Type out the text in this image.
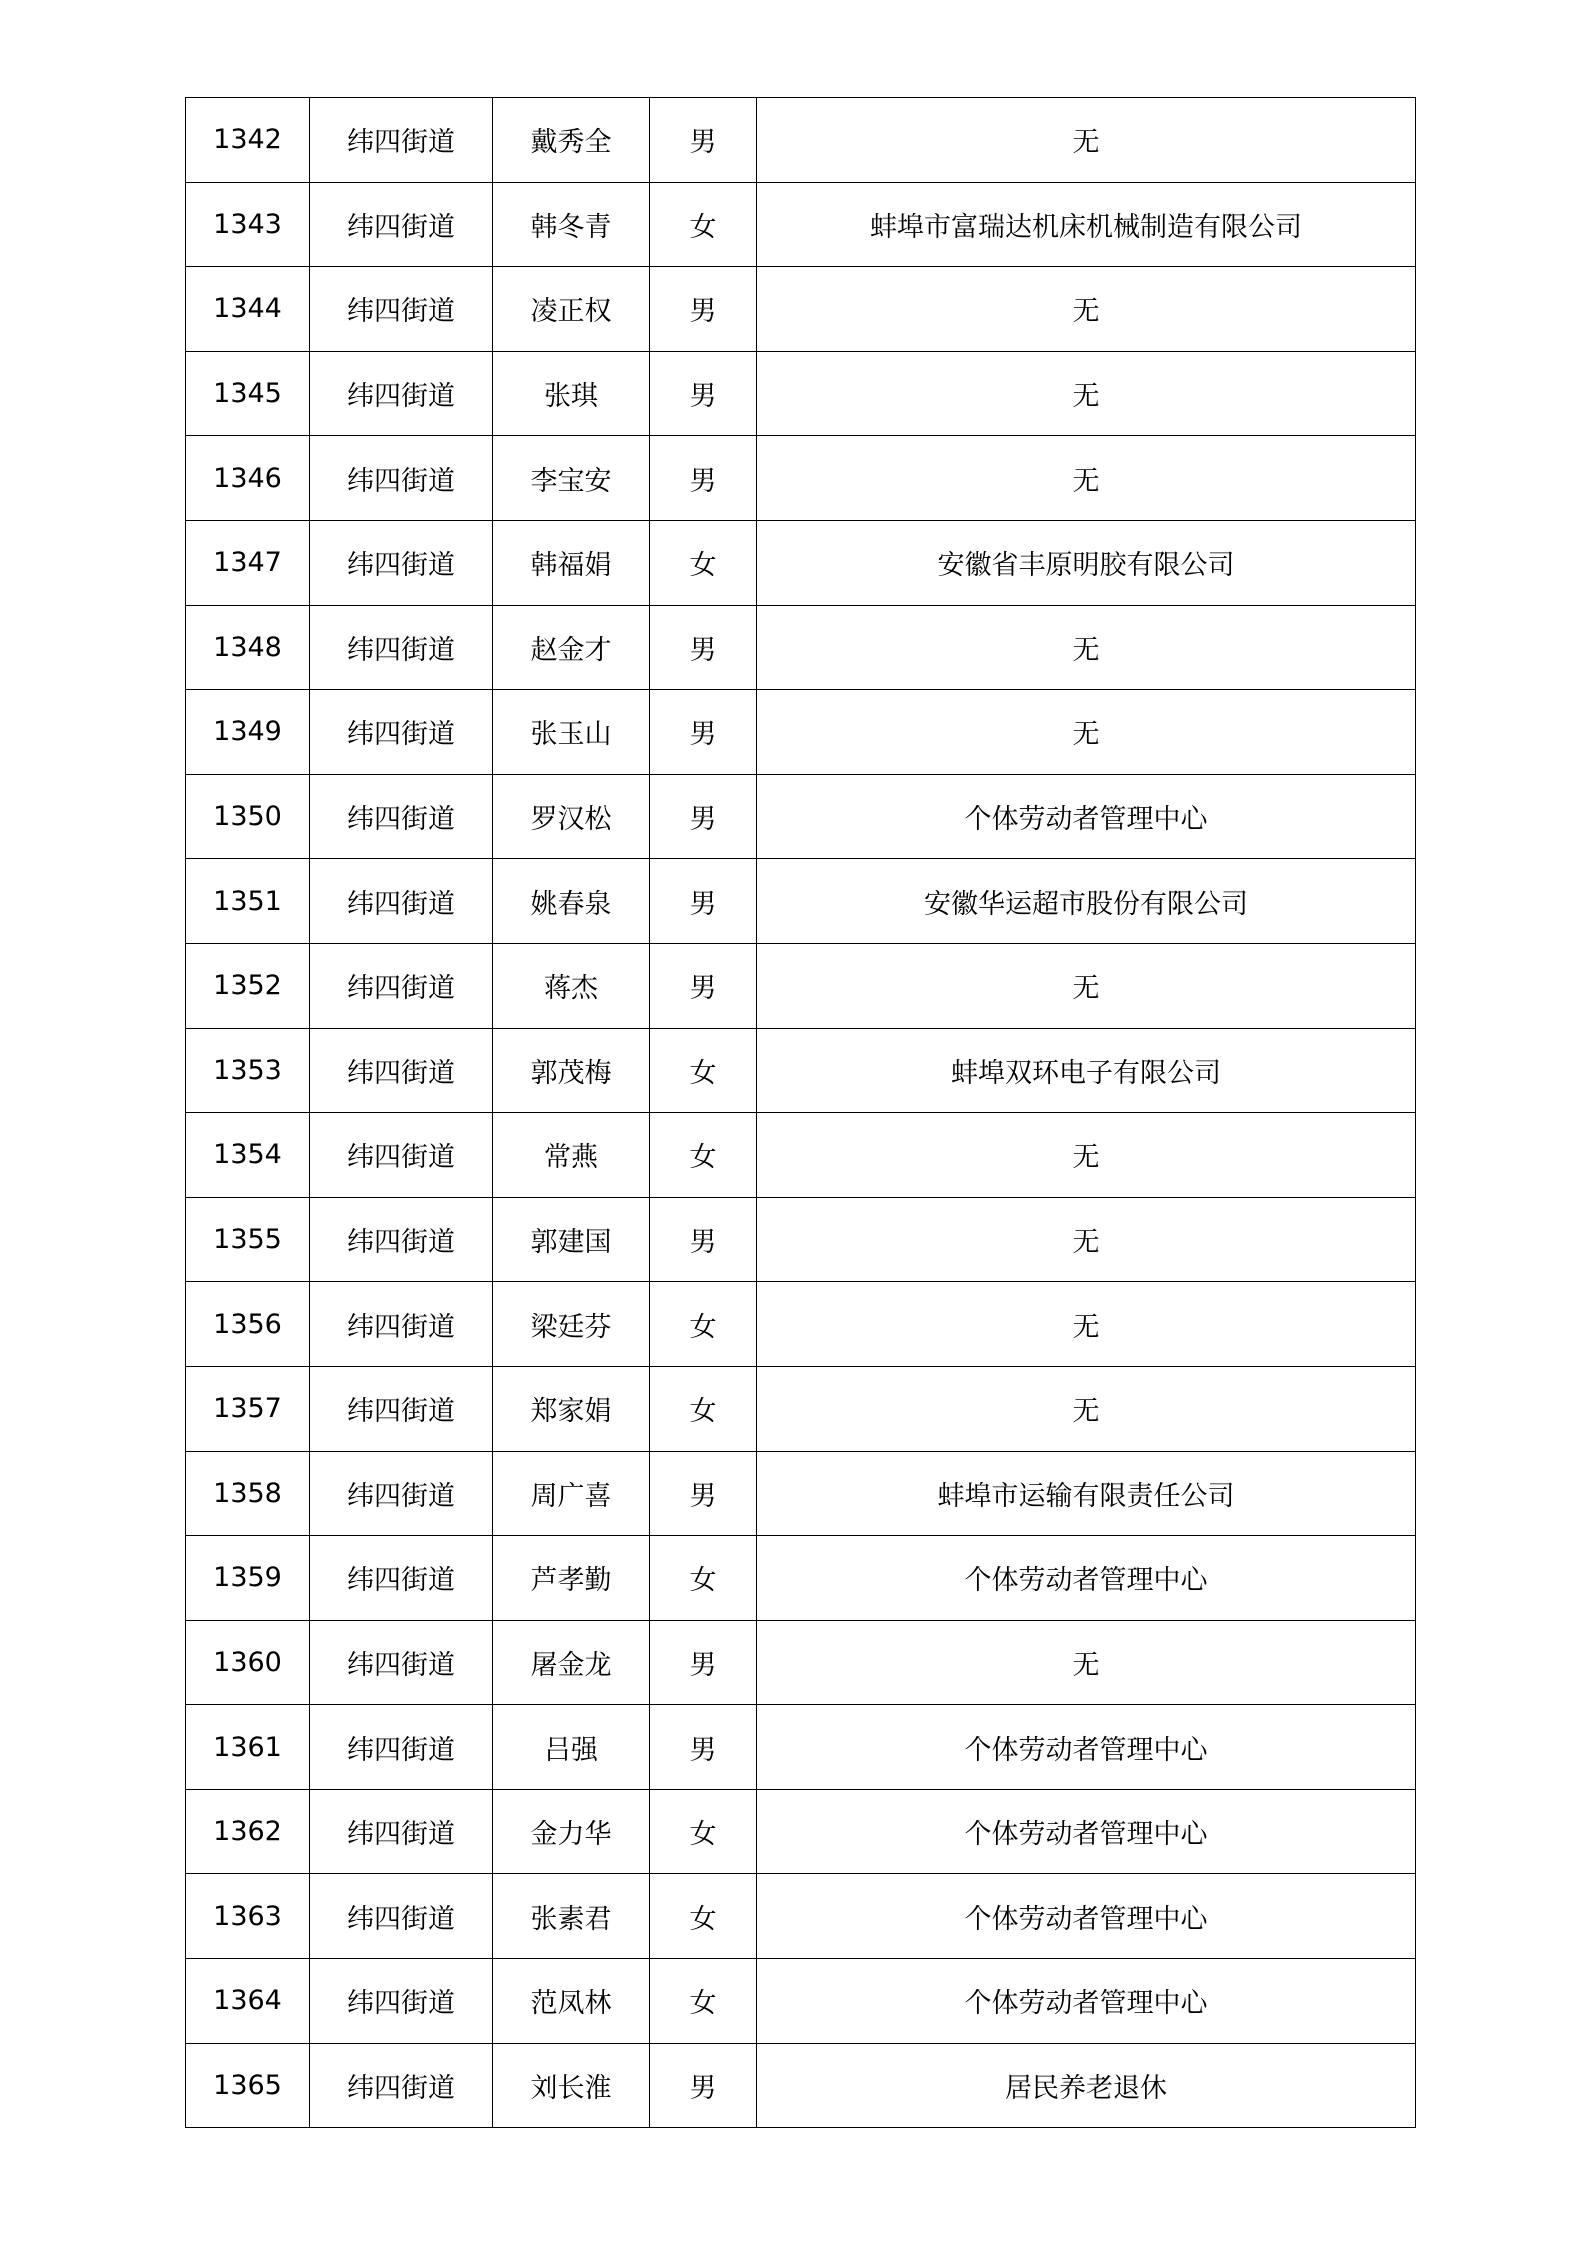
1342	纬四街道	戴秀全	男	无
1343	纬四街道	韩冬青	女	蚌埠市富瑞达机床机械制造有限公司
1344	纬四街道	凌正权	男	无
1345	纬四街道	张琪	男	无
1346	纬四街道	李宝安	男	无
1347	纬四街道	韩福娟	女	安徽省丰原明胶有限公司
1348	纬四街道	赵金才	男	无
1349	纬四街道	张玉山	男	无
1350	纬四街道	罗汉松	男	个体劳动者管理中心
1351	纬四街道	姚春泉	男	安徽华运超市股份有限公司
1352	纬四街道	蒋杰	男	无
1353	纬四街道	郭茂梅	女	蚌埠双环电子有限公司
1354	纬四街道	常燕	女	无
1355	纬四街道	郭建国	男	无
1356	纬四街道	梁廷芬	女	无
1357	纬四街道	郑家娟	女	无
1358	纬四街道	周广喜	男	蚌埠市运输有限责任公司
1359	纬四街道	芦孝勤	女	个体劳动者管理中心
1360	纬四街道	屠金龙	男	无
1361	纬四街道	吕强	男	个体劳动者管理中心
1362	纬四街道	金力华	女	个体劳动者管理中心
1363	纬四街道	张素君	女	个体劳动者管理中心
1364	纬四街道	范凤林	女	个体劳动者管理中心
1365	纬四街道	刘长淮	男	居民养老退休
